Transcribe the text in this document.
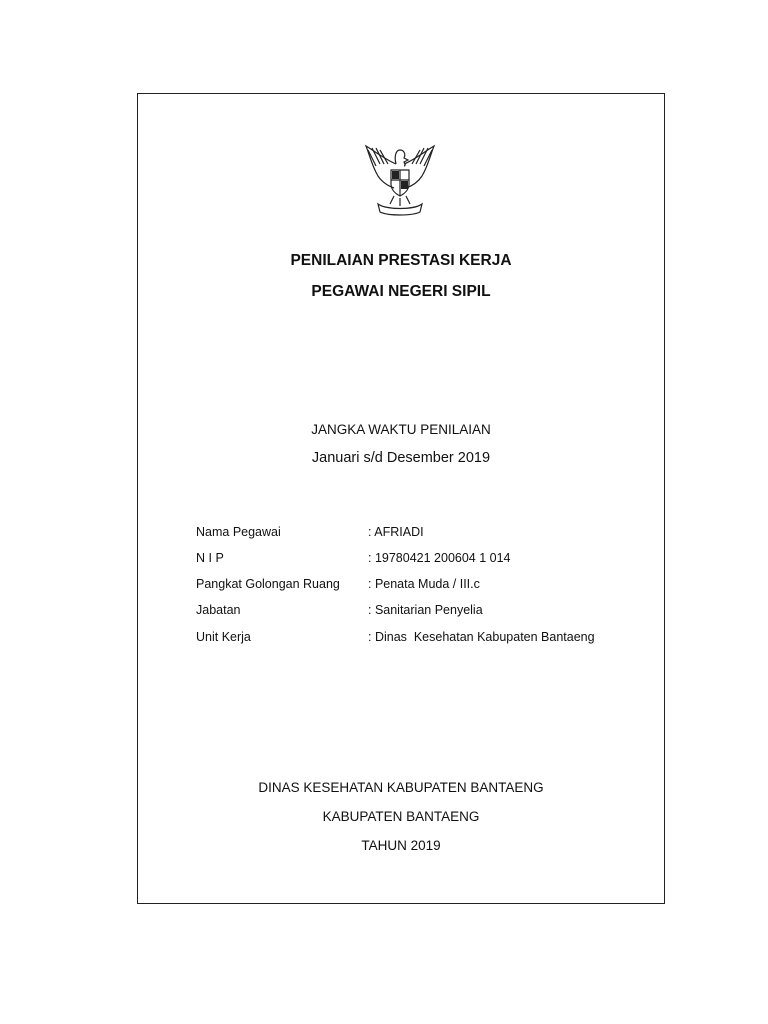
PENILAIAN PRESTASI KERJA
PEGAWAI NEGERI SIPIL
JANGKA WAKTU PENILAIAN
Januari s/d Desember 2019
Nama Pegawai	: AFRIADI
N I P	: 19780421 200604 1 014
Pangkat Golongan Ruang : Penata Muda / III.c
Jabatan	: Sanitarian Penyelia
Unit Kerja	: Dinas  Kesehatan Kabupaten Bantaeng
DINAS KESEHATAN KABUPATEN BANTAENG
KABUPATEN BANTAENG
TAHUN 2019
